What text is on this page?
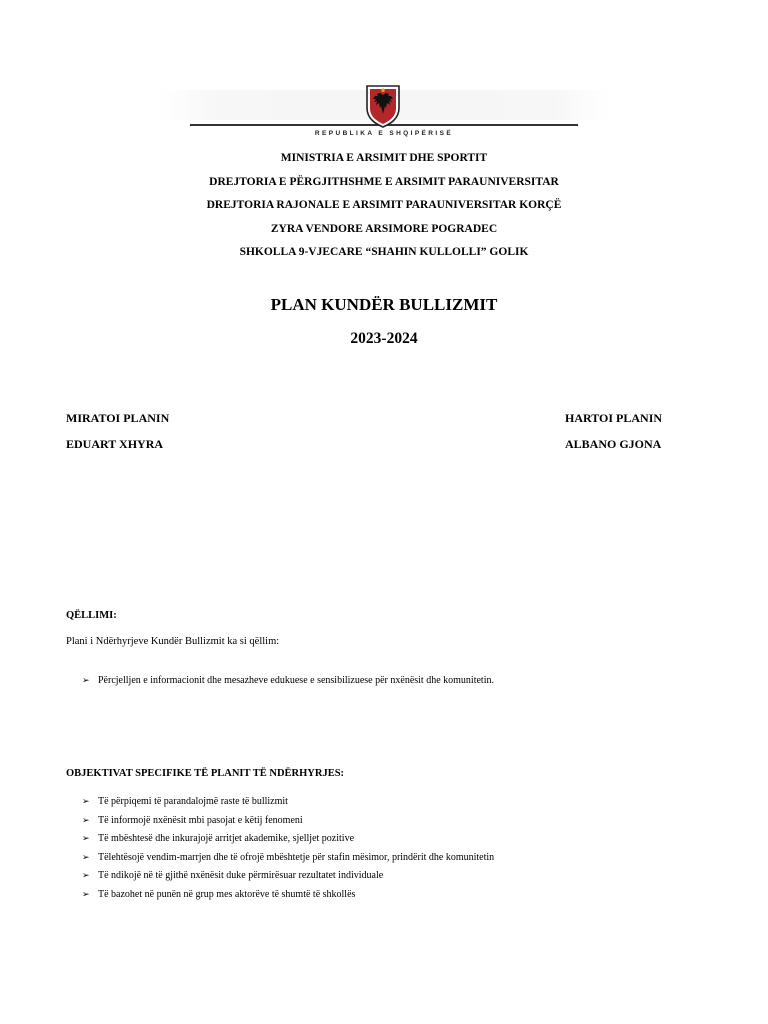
REPUBLIKA E SHQIPËRISË
MINISTRIA E ARSIMIT DHE SPORTIT
DREJTORIA E PËRGJITHSHME E ARSIMIT PARAUNIVERSITAR
DREJTORIA RAJONALE E ARSIMIT PARAUNIVERSITAR KORÇË
ZYRA VENDORE ARSIMORE POGRADEC
SHKOLLA 9-VJECARE “SHAHIN KULLOLLI” GOLIK
PLAN KUNDËR BULLIZMIT
2023-2024
MIRATOI PLANIN
EDUART XHYRA
HARTOI PLANIN
ALBANO GJONA
QËLLIMI:
Plani i Ndërhyrjeve Kundër Bullizmit ka si qëllim:
➢ Përcjelljen e informacionit dhe mesazheve edukuese e sensibilizuese për nxënësit dhe komunitetin.
OBJEKTIVAT SPECIFIKE TË PLANIT TË NDËRHYRJES:
➢ Të përpiqemi të parandalojmë raste të bullizmit
➢ Të informojë nxënësit mbi pasojat e këtij fenomeni
➢ Të mbështesë dhe inkurajojë arritjet akademike, sjelljet pozitive
➢ Tëlehtësojë vendim-marrjen dhe të ofrojë mbështetje për stafin mësimor, prindërit dhe komunitetin
➢ Të ndikojë në të gjithë nxënësit duke përmirësuar rezultatet individuale
➢ Të bazohet në punën në grup mes aktorëve të shumtë të shkollës
